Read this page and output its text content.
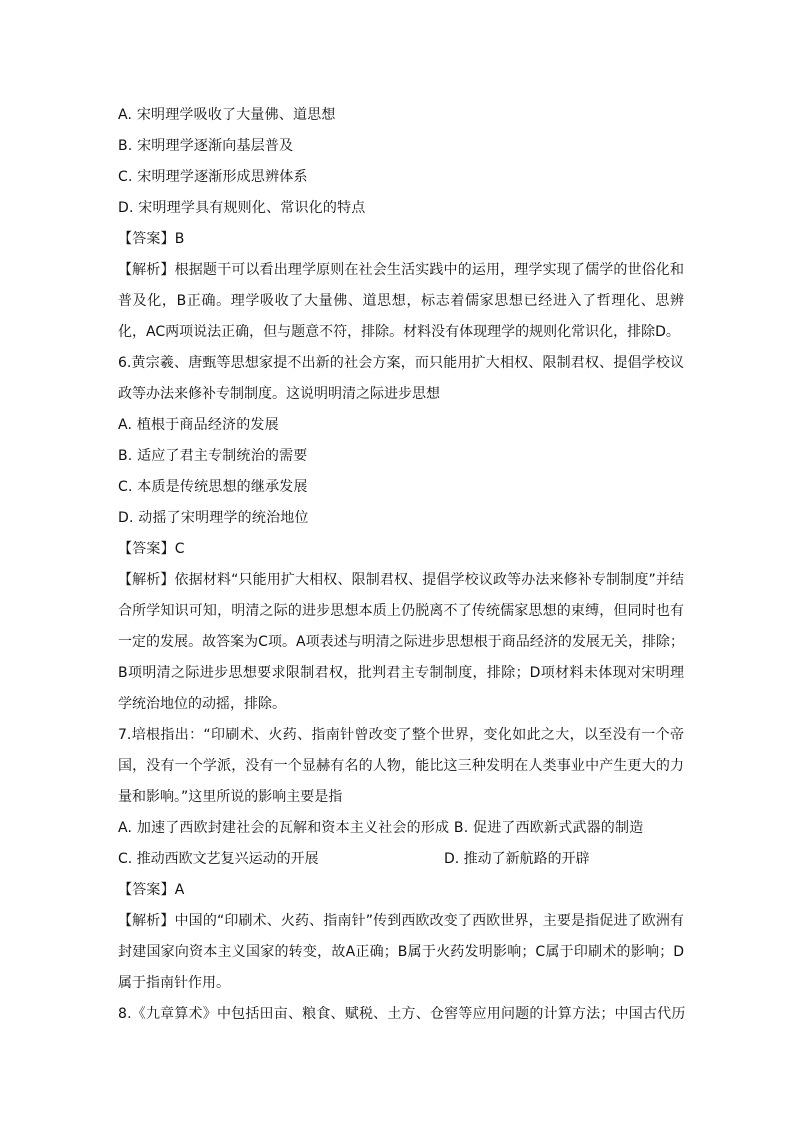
A. 宋明理学吸收了大量佛、道思想
B. 宋明理学逐渐向基层普及
C. 宋明理学逐渐形成思辨体系
D. 宋明理学具有规则化、常识化的特点
【答案】B

【解析】根据题干可以看出理学原则在社会生活实践中的运用，理学实现了儒学的世俗化和普及化，B正确。理学吸收了大量佛、道思想，标志着儒家思想已经进入了哲理化、思辨化，AC两项说法正确，但与题意不符，排除。材料没有体现理学的规则化常识化，排除D。

6.黄宗羲、唐甄等思想家提不出新的社会方案，而只能用扩大相权、限制君权、提倡学校议政等办法来修补专制制度。这说明明清之际进步思想

A. 植根于商品经济的发展
B. 适应了君主专制统治的需要
C. 本质是传统思想的继承发展
D. 动摇了宋明理学的统治地位
【答案】C

【解析】依据材料“只能用扩大相权、限制君权、提倡学校议政等办法来修补专制制度”并结合所学知识可知，明清之际的进步思想本质上仍脱离不了传统儒家思想的束缚，但同时也有一定的发展。故答案为C项。A项表述与明清之际进步思想根于商品经济的发展无关，排除；B项明清之际进步思想要求限制君权，批判君主专制制度，排除；D项材料未体现对宋明理学统治地位的动摇，排除。

7.培根指出：“印刷术、火药、指南针曾改变了整个世界，变化如此之大，以至没有一个帝国，没有一个学派，没有一个显赫有名的人物，能比这三种发明在人类事业中产生更大的力量和影响。”这里所说的影响主要是指

A. 加速了西欧封建社会的瓦解和资本主义社会的形成 B. 促进了西欧新式武器的制造
C. 推动西欧文艺复兴运动的开展	D. 推动了新航路的开辟
【答案】A

【解析】中国的“印刷术、火药、指南针”传到西欧改变了西欧世界，主要是指促进了欧洲有封建国家向资本主义国家的转变，故A正确；B属于火药发明影响；C属于印刷术的影响；D属于指南针作用。

8.《九章算术》中包括田亩、粮食、赋税、土方、仓窖等应用问题的计算方法；中国古代历
